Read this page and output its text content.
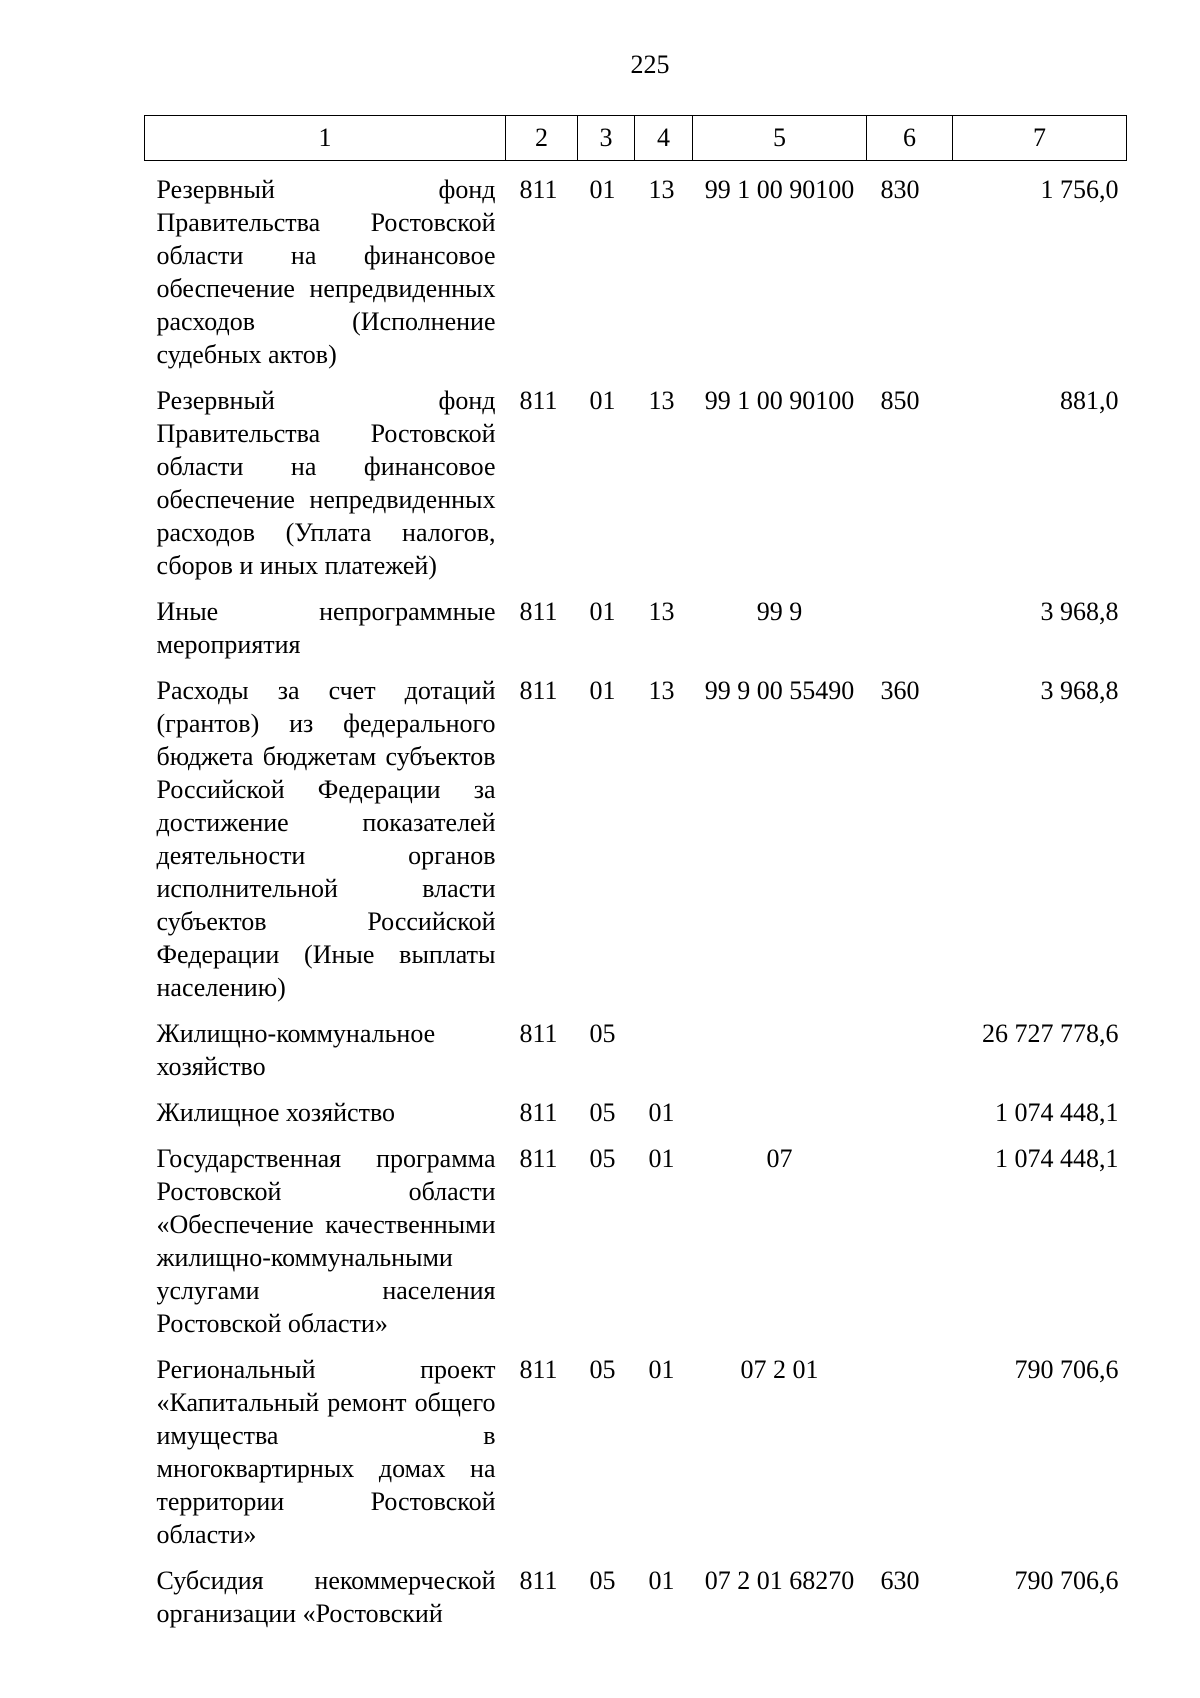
225
1	2	3	4	5	6	7
Резервный фонд Правительства Ростовской области на финансовое обеспечение непредвиденных расходов (Исполнение судебных актов)	811	01	13	99 1 00 90100	830	1 756,0
Резервный фонд Правительства Ростовской области на финансовое обеспечение непредвиденных расходов (Уплата налогов, сборов и иных платежей)	811	01	13	99 1 00 90100	850	881,0
Иные непрограммные мероприятия	811	01	13	99 9		3 968,8
Расходы за счет дотаций (грантов) из федерального бюджета бюджетам субъектов Российской Федерации за достижение показателей деятельности органов исполнительной власти субъектов Российской Федерации (Иные выплаты населению)	811	01	13	99 9 00 55490	360	3 968,8
Жилищно-коммунальное хозяйство	811	05				26 727 778,6
Жилищное хозяйство	811	05	01			1 074 448,1
Государственная программа Ростовской области «Обеспечение качественными жилищно-коммунальными услугами населения Ростовской области»	811	05	01	07		1 074 448,1
Региональный проект «Капитальный ремонт общего имущества в многоквартирных домах на территории Ростовской области»	811	05	01	07 2 01		790 706,6
Субсидия некоммерческой организации «Ростовский	811	05	01	07 2 01 68270	630	790 706,6
